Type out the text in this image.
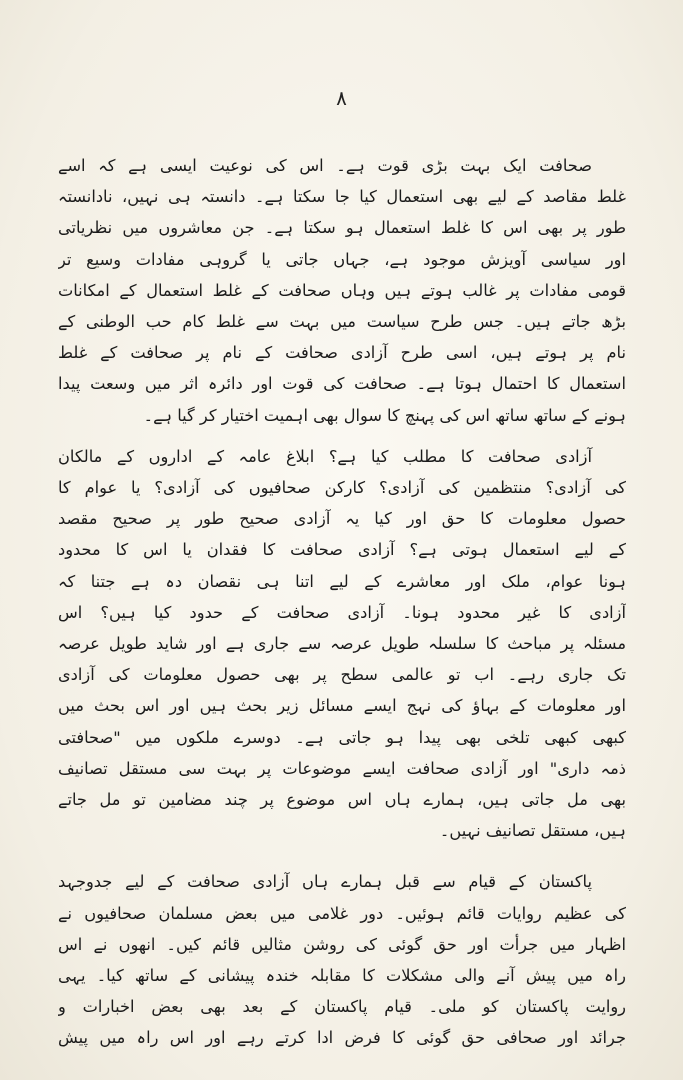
۸
صحافت ایک بہت بڑی قوت ہے۔ اس کی نوعیت ایسی ہے کہ اسے
غلط مقاصد کے لیے بھی استعمال کیا جا سکتا ہے۔ دانستہ ہی نہیں، نادانستہ
طور پر بھی اس کا غلط استعمال ہو سکتا ہے۔ جن معاشروں میں نظریاتی
اور سیاسی آویزش موجود ہے، جہاں جاتی یا گروہی مفادات وسیع تر
قومی مفادات پر غالب ہوتے ہیں وہاں صحافت کے غلط استعمال کے امکانات
بڑھ جاتے ہیں۔ جس طرح سیاست میں بہت سے غلط کام حب الوطنی کے
نام پر ہوتے ہیں، اسی طرح آزادی صحافت کے نام پر صحافت کے غلط
استعمال کا احتمال ہوتا ہے۔ صحافت کی قوت اور دائرہ اثر میں وسعت پیدا
ہونے کے ساتھ ساتھ اس کی پہنچ کا سوال بھی اہمیت اختیار کر گیا ہے۔
آزادی صحافت کا مطلب کیا ہے؟ ابلاغ عامہ کے اداروں کے مالکان
کی آزادی؟ منتظمین کی آزادی؟ کارکن صحافیوں کی آزادی؟ یا عوام کا
حصول معلومات کا حق اور کیا یہ آزادی صحیح طور پر صحیح مقصد
کے لیے استعمال ہوتی ہے؟ آزادی صحافت کا فقدان یا اس کا محدود
ہونا عوام، ملک اور معاشرے کے لیے اتنا ہی نقصان دہ ہے جتنا کہ
آزادی کا غیر محدود ہونا۔ آزادی صحافت کے حدود کیا ہیں؟ اس
مسئلہ پر مباحث کا سلسلہ طویل عرصہ سے جاری ہے اور شاید طویل عرصہ
تک جاری رہے۔ اب تو عالمی سطح پر بھی حصول معلومات کی آزادی
اور معلومات کے بہاؤ کی نہج ایسے مسائل زیر بحث ہیں اور اس بحث میں
کبھی کبھی تلخی بھی پیدا ہو جاتی ہے۔ دوسرے ملکوں میں "صحافتی
ذمہ داری" اور آزادی صحافت ایسے موضوعات پر بہت سی مستقل تصانیف
بھی مل جاتی ہیں، ہمارے ہاں اس موضوع پر چند مضامین تو مل جاتے
ہیں، مستقل تصانیف نہیں۔
پاکستان کے قیام سے قبل ہمارے ہاں آزادی صحافت کے لیے جدوجہد
کی عظیم روایات قائم ہوئیں۔ دور غلامی میں بعض مسلمان صحافیوں نے
اظہار میں جرأت اور حق گوئی کی روشن مثالیں قائم کیں۔ انھوں نے اس
راہ میں پیش آنے والی مشکلات کا مقابلہ خندہ پیشانی کے ساتھ کیا۔ یہی
روایت پاکستان کو ملی۔ قیام پاکستان کے بعد بھی بعض اخبارات و
جرائد اور صحافی حق گوئی کا فرض ادا کرتے رہے اور اس راہ میں پیش
